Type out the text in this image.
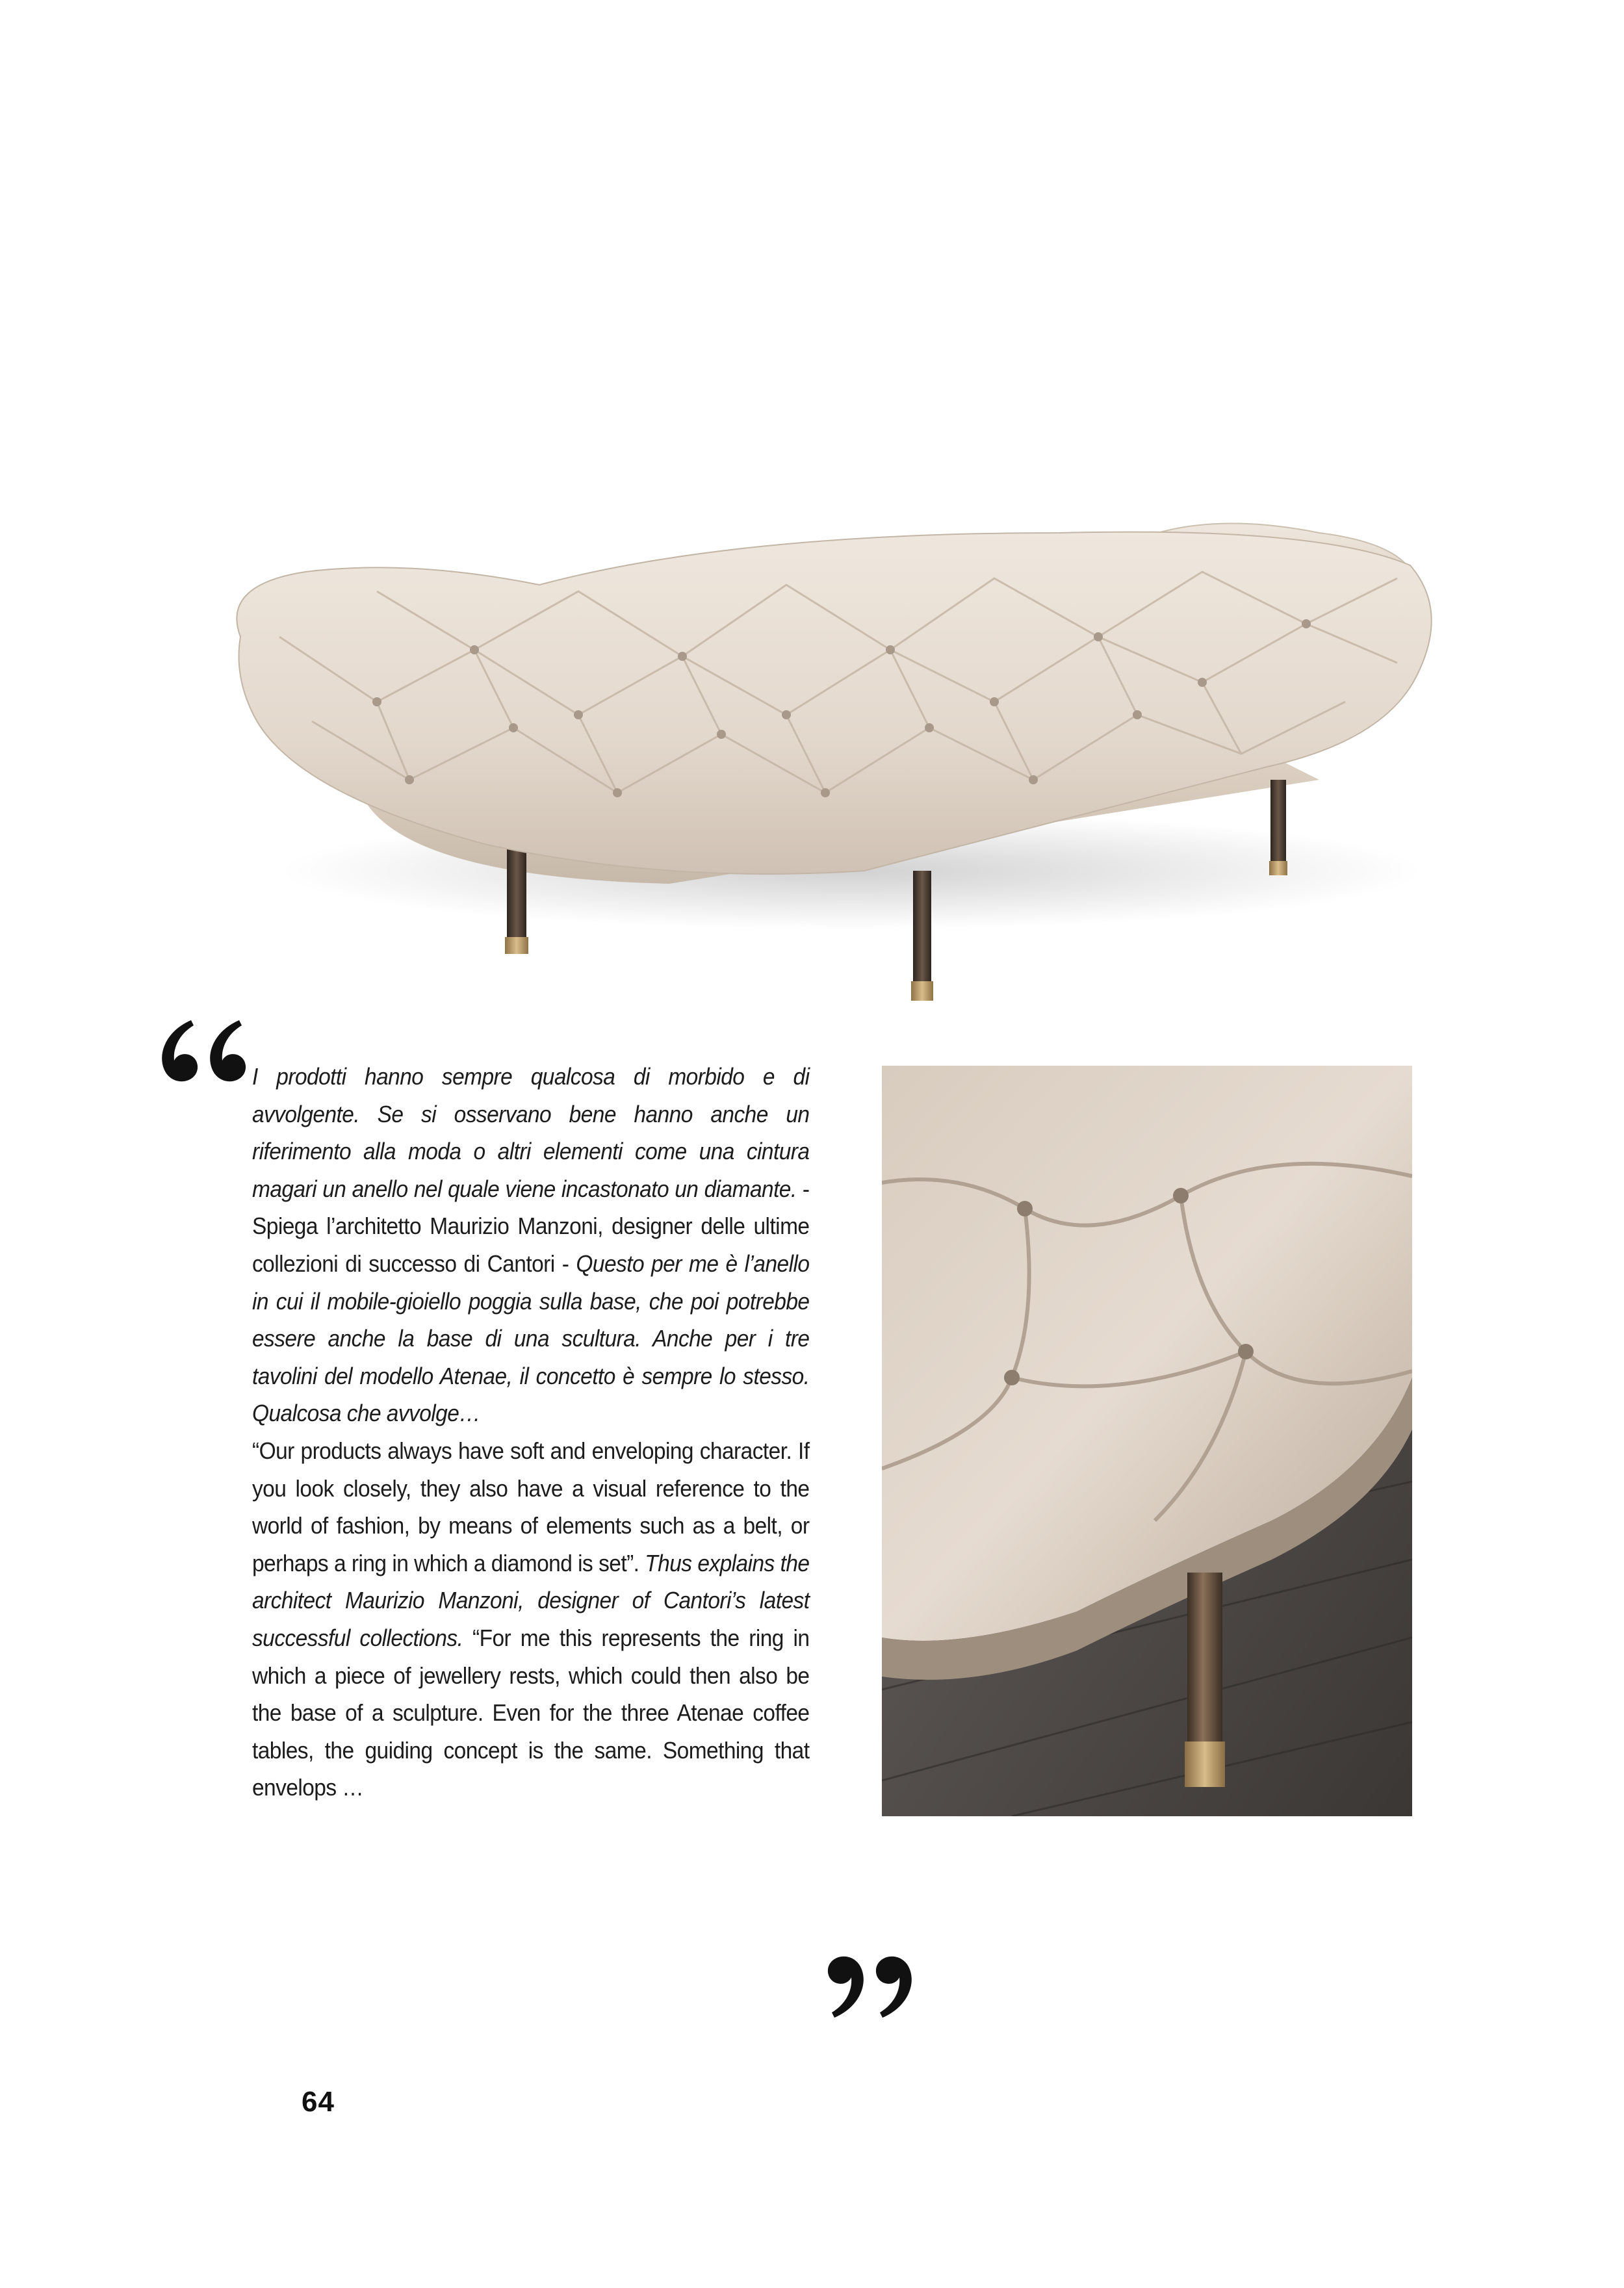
I prodotti hanno sempre qualcosa di morbido e di avvolgente. Se si osservano bene hanno anche un riferimento alla moda o altri elementi come una cintura magari un anello nel quale viene incastonato un diamante. - Spiega l’architetto Maurizio Manzoni, designer delle ultime collezioni di successo di Cantori - Questo per me è l’anello in cui il mobile-gioiello poggia sulla base, che poi potrebbe essere anche la base di una scultura. Anche per i tre tavolini del modello Atenae, il concetto è sempre lo stesso. Qualcosa che avvolge…

“Our products always have soft and enveloping character. If you look closely, they also have a visual reference to the world of fashion, by means of elements such as a belt, or perhaps a ring in which a diamond is set”. Thus explains the architect Maurizio Manzoni, designer of Cantori’s latest successful collections. “For me this represents the ring in which a piece of jewellery rests, which could then also be the base of a sculpture. Even for the three Atenae coffee tables, the guiding concept is the same. Something that envelops …

64
